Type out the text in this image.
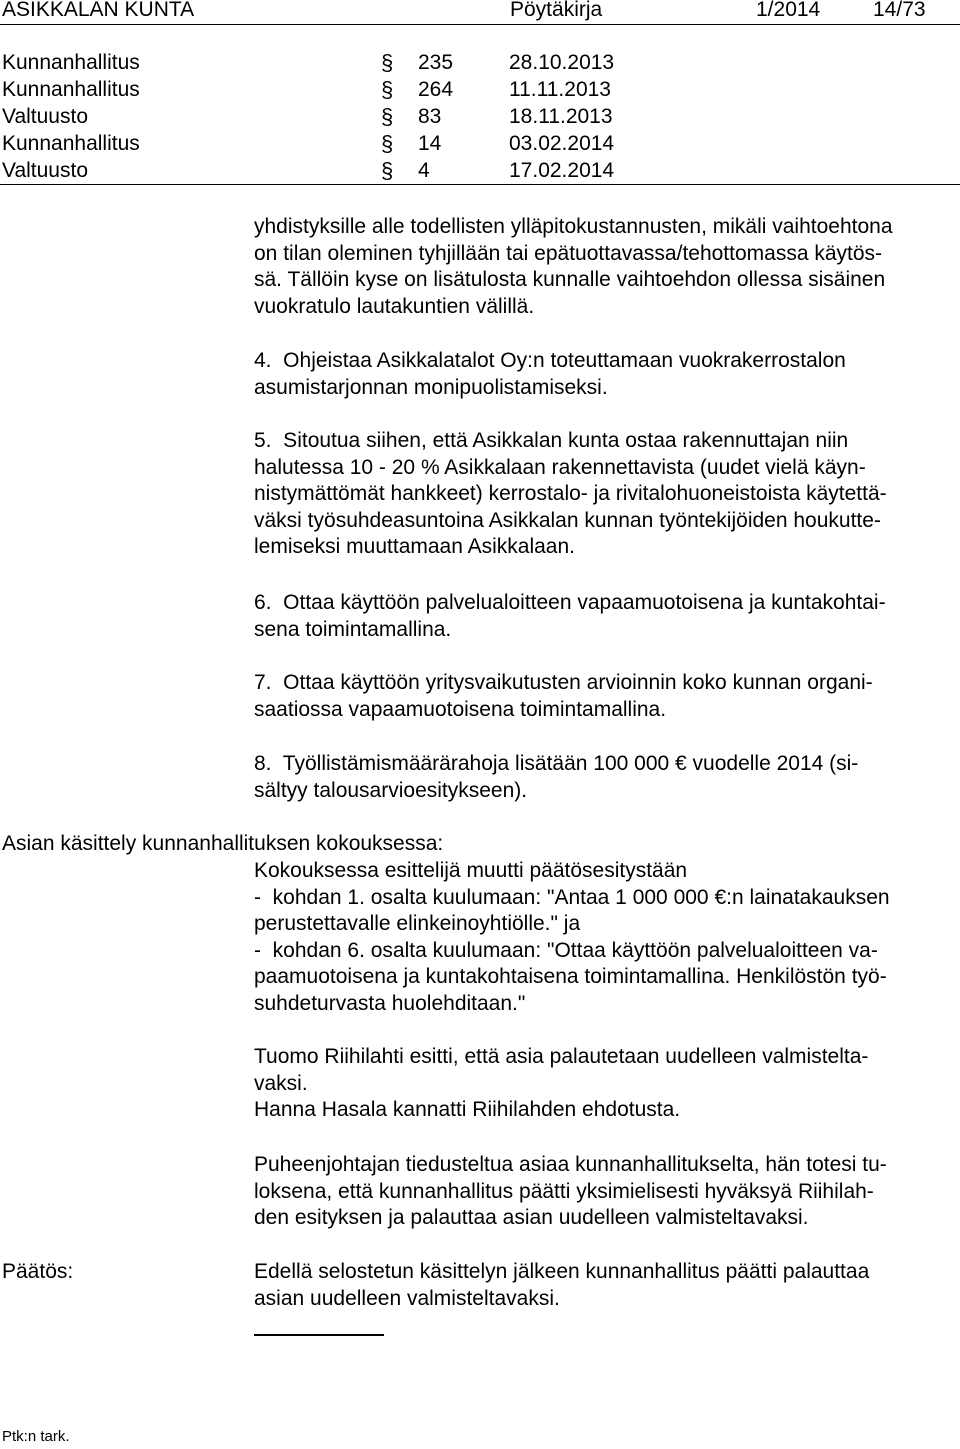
ASIKKALAN KUNTA

	Pöytäkirja

	1/2014

	14/73

Kunnanhallitus	§ 235	28.10.2013
Kunnanhallitus	§ 264	11.11.2013
Valtuusto	§ 83	18.11.2013
Kunnanhallitus	§ 14	03.02.2014
Valtuusto	§ 4	17.02.2014
yhdistyksille alle todellisten ylläpitokustannusten, mikäli vaihtoehtona
on tilan oleminen tyhjillään tai epätuottavassa/tehottomassa käytös-
sä. Tällöin kyse on lisätulosta kunnalle vaihtoehdon ollessa sisäinen
vuokratulo lautakuntien välillä.
4.  Ohjeistaa Asikkalatalot Oy:n toteuttamaan vuokrakerrostalon
asumistarjonnan monipuolistamiseksi.
5.  Sitoutua siihen, että Asikkalan kunta ostaa rakennuttajan niin
halutessa 10 - 20 % Asikkalaan rakennettavista (uudet vielä käyn-
nistymättömät hankkeet) kerrostalo- ja rivitalohuoneistoista käytettä-
väksi työsuhdeasuntoina Asikkalan kunnan työntekijöiden houkutte-
lemiseksi muuttamaan Asikkalaan.
6.  Ottaa käyttöön palvelualoitteen vapaamuotoisena ja kuntakohtai-
sena toimintamallina.
7.  Ottaa käyttöön yritysvaikutusten arvioinnin koko kunnan organi-
saatiossa vapaamuotoisena toimintamallina.
8.  Työllistämismäärärahoja lisätään 100 000 € vuodelle 2014 (si-
sältyy talousarvioesitykseen).
Asian käsittely kunnanhallituksen kokouksessa:
Kokouksessa esittelijä muutti päätösesitystään
-  kohdan 1. osalta kuulumaan: "Antaa 1 000 000 €:n lainatakauksen
perustettavalle elinkeinoyhtiölle." ja
-  kohdan 6. osalta kuulumaan: "Ottaa käyttöön palvelualoitteen va-
paamuotoisena ja kuntakohtaisena toimintamallina. Henkilöstön työ-
suhdeturvasta huolehditaan."
Tuomo Riihilahti esitti, että asia palautetaan uudelleen valmistelta-
vaksi.
Hanna Hasala kannatti Riihilahden ehdotusta.
Puheenjohtajan tiedusteltua asiaa kunnanhallitukselta, hän totesi tu-
loksena, että kunnanhallitus päätti yksimielisesti hyväksyä Riihilah-
den esityksen ja palauttaa asian uudelleen valmisteltavaksi.
Päätös:	Edellä selostetun käsittelyn jälkeen kunnanhallitus päätti palauttaa
asian uudelleen valmisteltavaksi.
Ptk:n tark.
